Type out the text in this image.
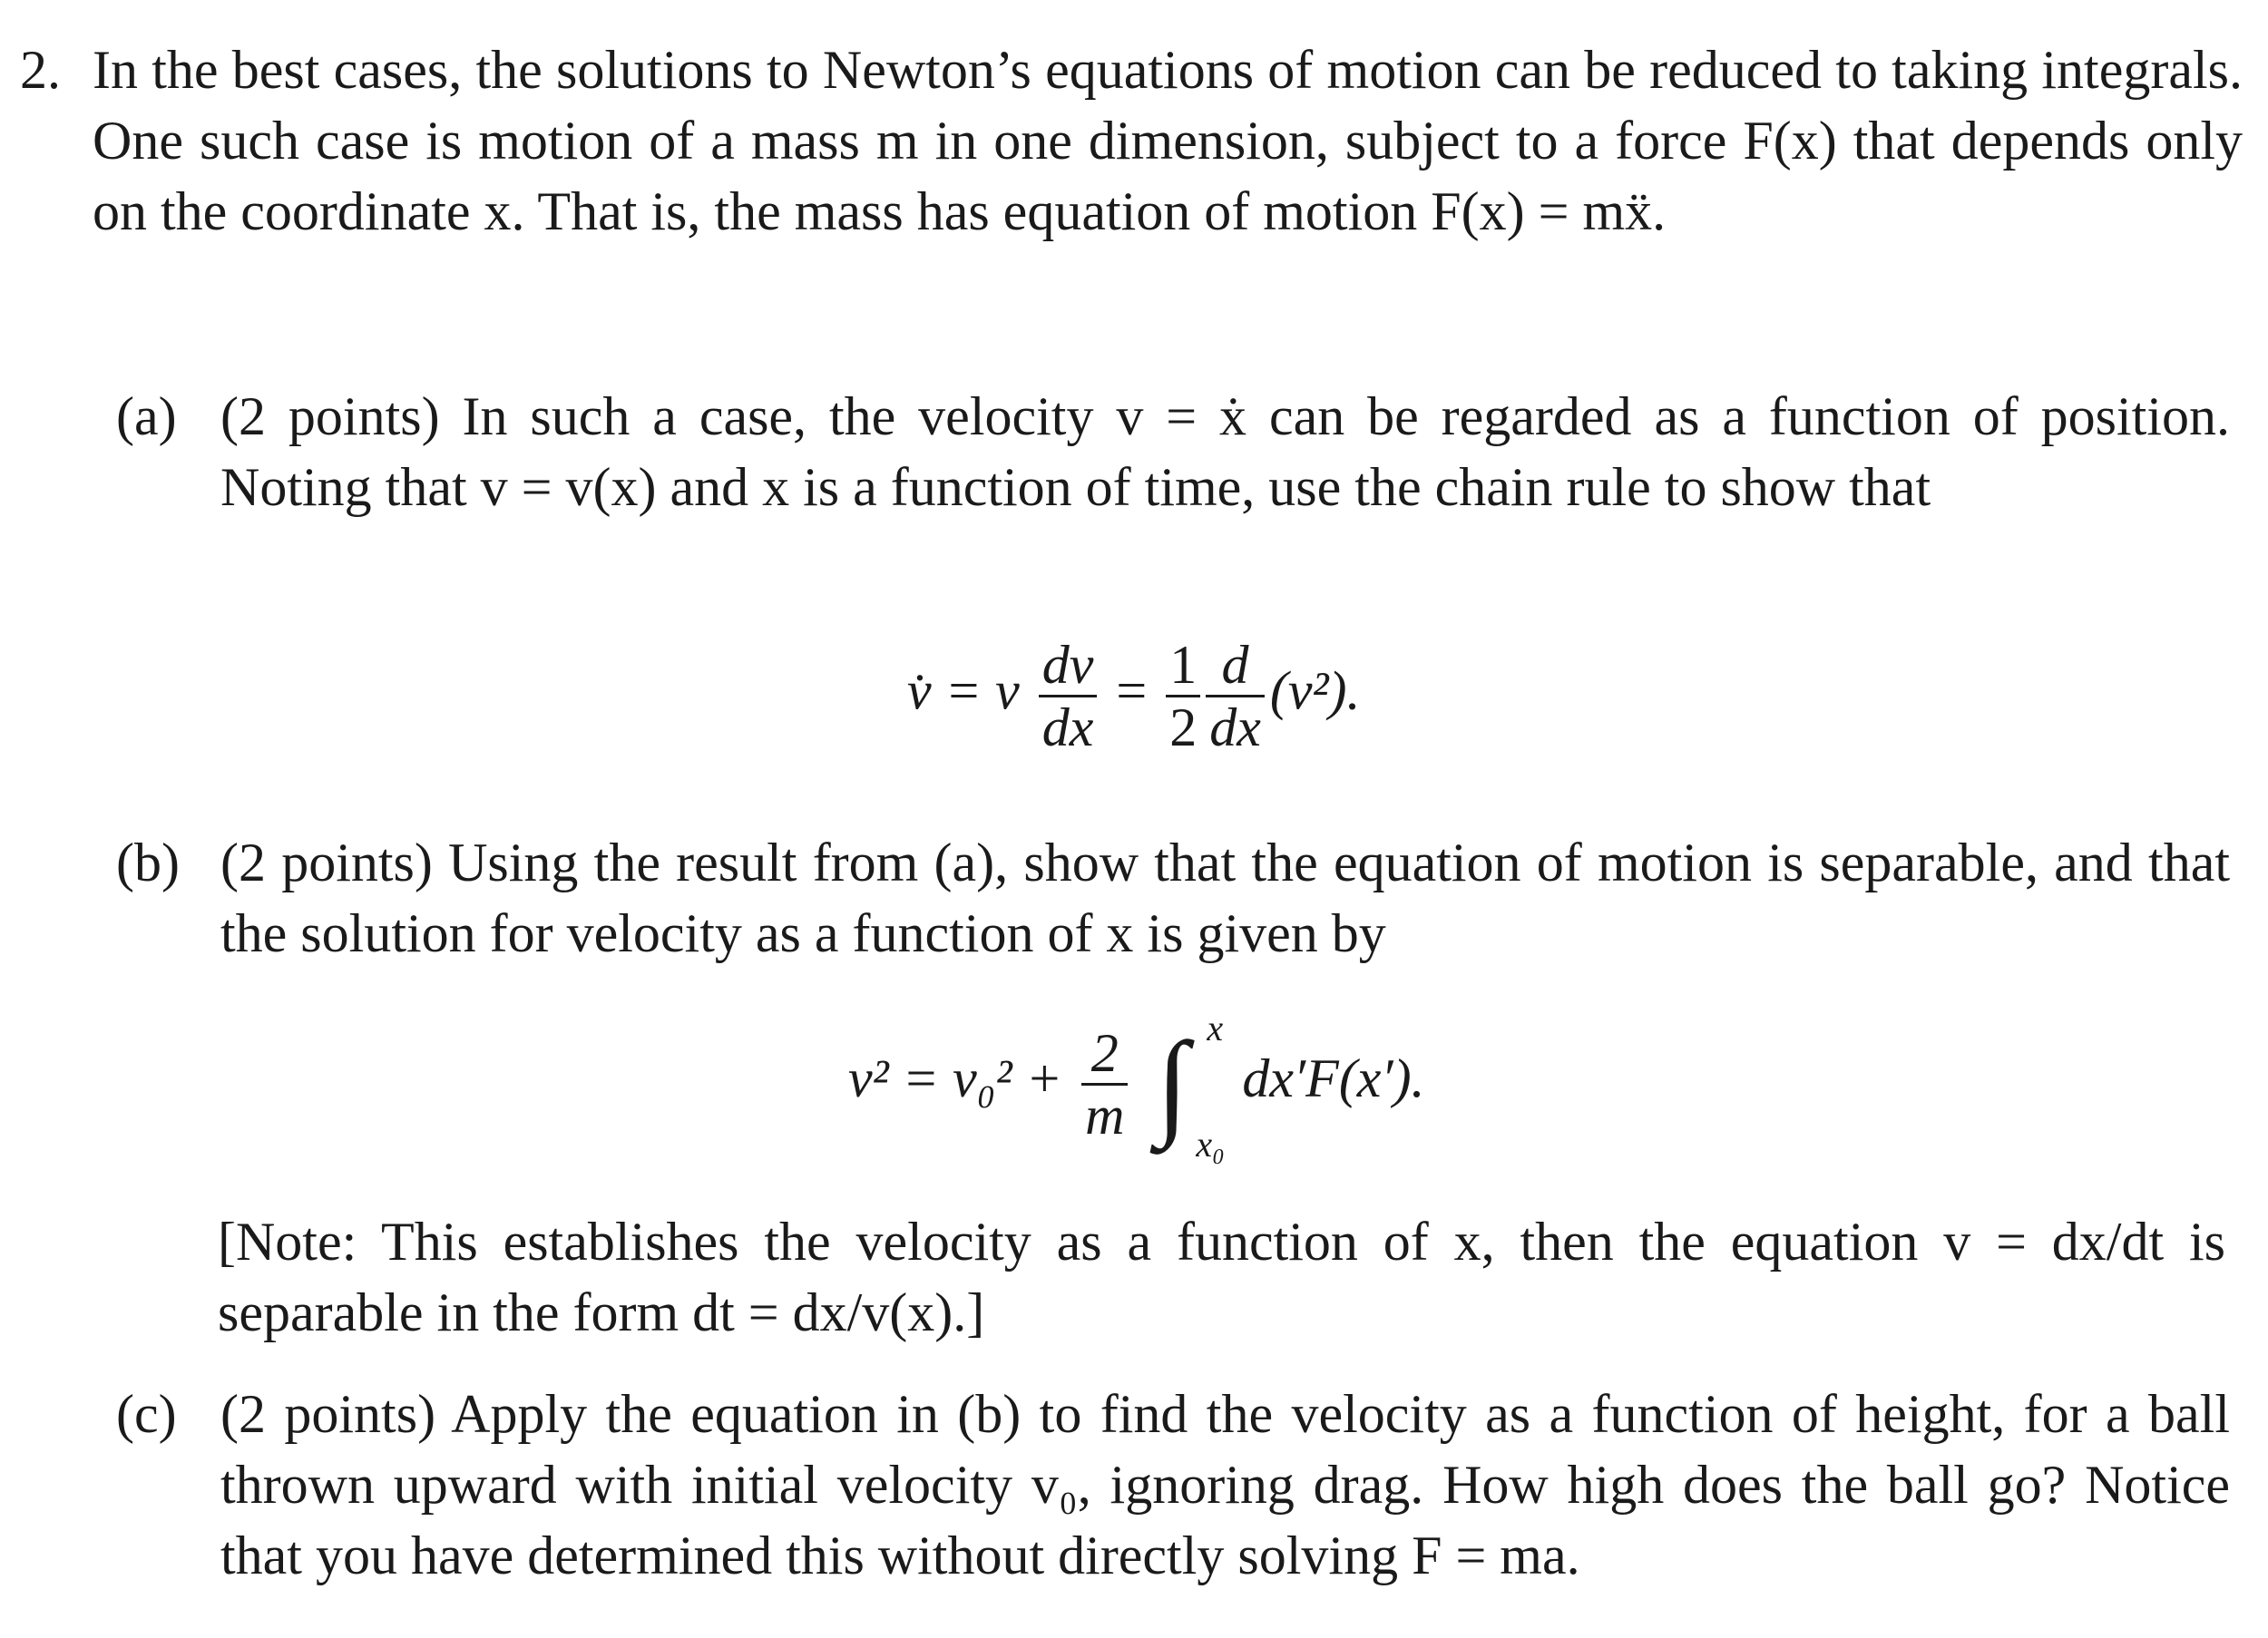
2. In the best cases, the solutions to Newton’s equations of motion can be reduced to taking integrals. One such case is motion of a mass m in one dimension, subject to a force F(x) that depends only on the coordinate x. That is, the mass has equation of motion F(x) = mẍ.
(a) (2 points) In such a case, the velocity v = ẋ can be regarded as a function of position. Noting that v = v(x) and x is a function of time, use the chain rule to show that
v̇ = v $\frac{dv}{dx} = \frac{1}{2} \frac{d}{dx} (v^2)$.
(b) (2 points) Using the result from (a), show that the equation of motion is separable, and that the solution for velocity as a function of x is given by
$v^2 = v_0^2 + \frac{2}{m}$
∫ x
x₀
dx′F(x′).
[Note: This establishes the velocity as a function of x, then the equation v = dx/dt is separable in the form dt = dx/v(x).]
(c) (2 points) Apply the equation in (b) to find the velocity as a function of height, for a ball thrown upward with initial velocity v₀, ignoring drag. How high does the ball go? Notice that you have determined this without directly solving F = ma.
